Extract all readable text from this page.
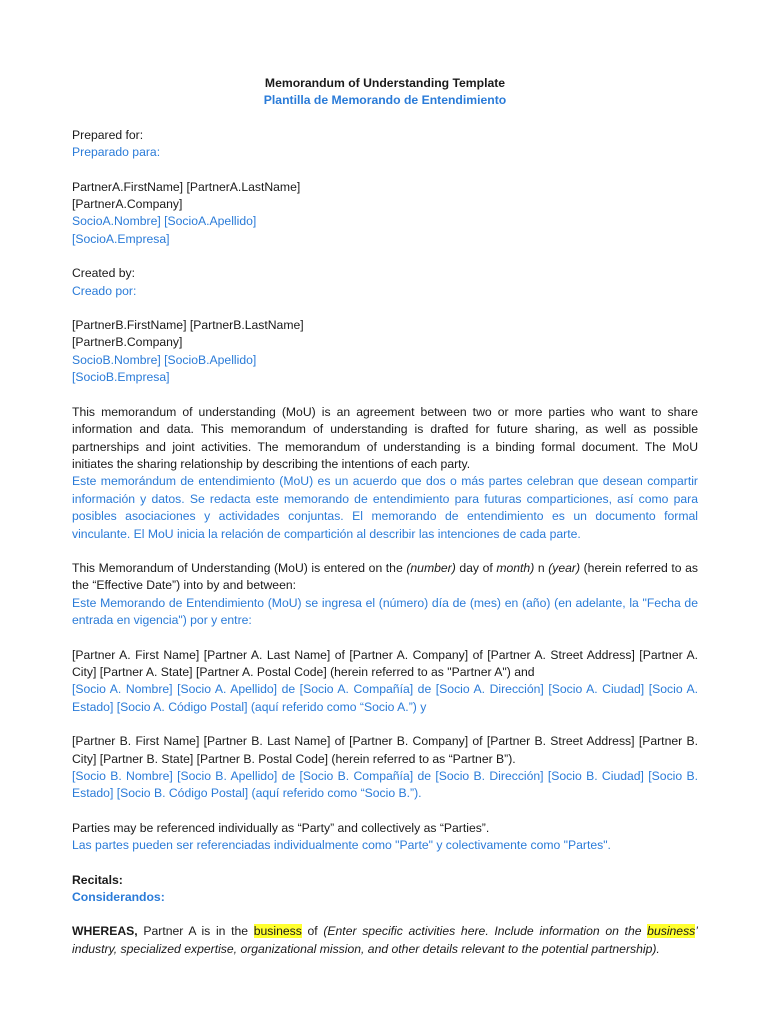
Memorandum of Understanding Template

Plantilla de Memorando de Entendimiento

Prepared for:

Preparado para:

PartnerA.FirstName] [PartnerA.LastName]

[PartnerA.Company]

SocioA.Nombre] [SocioA.Apellido]

[SocioA.Empresa]

Created by:

Creado por:

[PartnerB.FirstName] [PartnerB.LastName]

[PartnerB.Company]

SocioB.Nombre] [SocioB.Apellido]

[SocioB.Empresa]

This memorandum of understanding (MoU) is an agreement between two or more parties who want to share information and data. This memorandum of understanding is drafted for future sharing, as well as possible partnerships and joint activities. The memorandum of understanding is a binding formal document. The MoU initiates the sharing relationship by describing the intentions of each party.

Este memorándum de entendimiento (MoU) es un acuerdo que dos o más partes celebran que desean compartir información y datos. Se redacta este memorando de entendimiento para futuras comparticiones, así como para posibles asociaciones y actividades conjuntas. El memorando de entendimiento es un documento formal vinculante. El MoU inicia la relación de compartición al describir las intenciones de cada parte.

This Memorandum of Understanding (MoU) is entered on the (number) day of month) n (year) (herein referred to as the “Effective Date”) into by and between:

Este Memorando de Entendimiento (MoU) se ingresa el (número) día de (mes) en (año) (en adelante, la "Fecha de entrada en vigencia") por y entre:

[Partner A. First Name] [Partner A. Last Name] of [Partner A. Company] of [Partner A. Street Address] [Partner A. City] [Partner A. State] [Partner A. Postal Code] (herein referred to as "Partner A") and

[Socio A. Nombre] [Socio A. Apellido] de [Socio A. Compañía] de [Socio A. Dirección] [Socio A. Ciudad] [Socio A. Estado] [Socio A. Código Postal] (aquí referido como “Socio A.”) y

[Partner B. First Name] [Partner B. Last Name] of [Partner B. Company] of [Partner B. Street Address] [Partner B. City] [Partner B. State] [Partner B. Postal Code] (herein referred to as “Partner B”).

[Socio B. Nombre] [Socio B. Apellido] de [Socio B. Compañía] de [Socio B. Dirección] [Socio B. Ciudad] [Socio B. Estado] [Socio B. Código Postal] (aquí referido como “Socio B.”).

Parties may be referenced individually as “Party” and collectively as “Parties”.

Las partes pueden ser referenciadas individualmente como "Parte" y colectivamente como "Partes".

Recitals:

Considerandos:

WHEREAS, Partner A is in the business of (Enter specific activities here. Include information on the business’ industry, specialized expertise, organizational mission, and other details relevant to the potential partnership).
